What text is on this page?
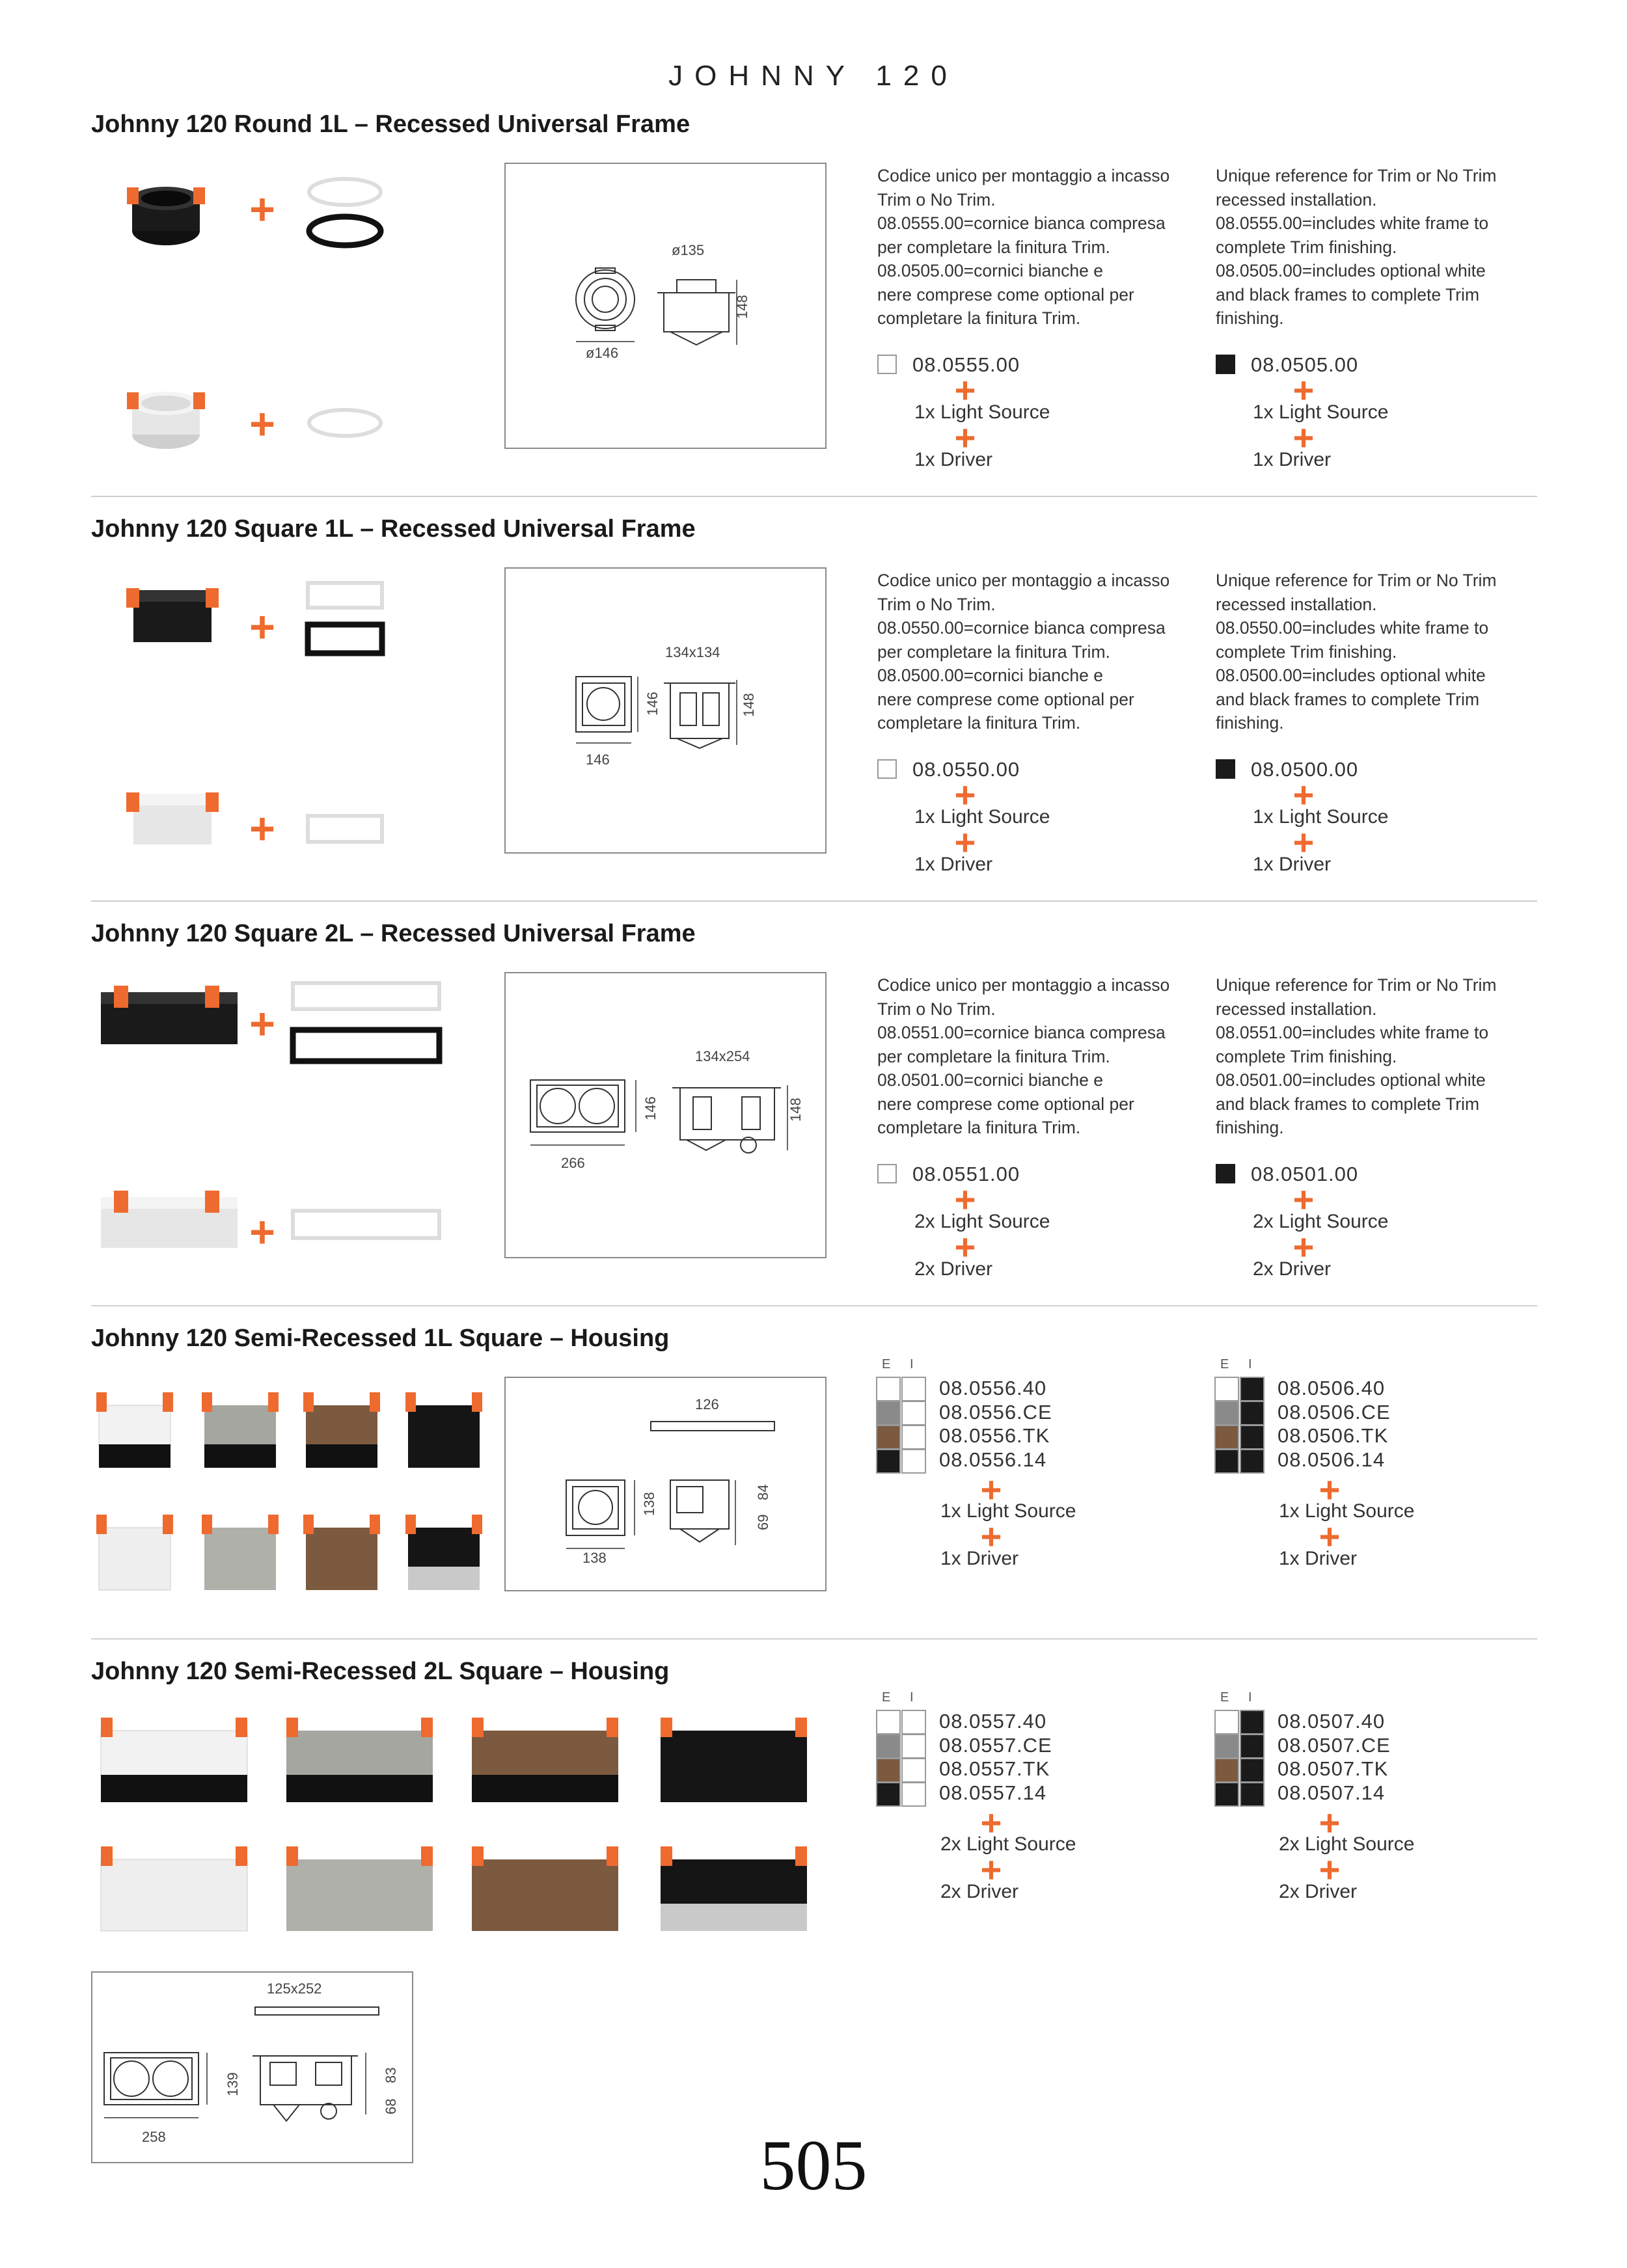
JOHNNY 120
Johnny 120 Round 1L – Recessed Universal Frame
+
+
ø135
ø146
148
Codice unico per montaggio a incasso
Trim o No Trim.
08.0555.00=cornice bianca compresa
per completare la finitura Trim.
08.0505.00=cornici bianche e
nere comprese come optional per
completare la finitura Trim.
Unique reference for Trim or No Trim
recessed installation.
08.0555.00=includes white frame to
complete Trim finishing.
08.0505.00=includes optional white
and black frames to complete Trim
finishing.
08.0555.00
+
1x Light Source
+
1x Driver
08.0505.00
+
1x Light Source
+
1x Driver
Johnny 120 Square 1L – Recessed Universal Frame
+
+
134x134
146
146	148
Codice unico per montaggio a incasso
Trim o No Trim.
08.0550.00=cornice bianca compresa
per completare la finitura Trim.
08.0500.00=cornici bianche e
nere comprese come optional per
completare la finitura Trim.
Unique reference for Trim or No Trim
recessed installation.
08.0550.00=includes white frame to
complete Trim finishing.
08.0500.00=includes optional white
and black frames to complete Trim
finishing.
08.0550.00
+
1x Light Source
+
1x Driver
08.0500.00
+
1x Light Source
+
1x Driver
Johnny 120 Square 2L – Recessed Universal Frame
+
+
134x254
266
146	148
Codice unico per montaggio a incasso
Trim o No Trim.
08.0551.00=cornice bianca compresa
per completare la finitura Trim.
08.0501.00=cornici bianche e
nere comprese come optional per
completare la finitura Trim.
Unique reference for Trim or No Trim
recessed installation.
08.0551.00=includes white frame to
complete Trim finishing.
08.0501.00=includes optional white
and black frames to complete Trim
finishing.
08.0551.00
+
2x Light Source
+
2x Driver
08.0501.00
+
2x Light Source
+
2x Driver
Johnny 120 Semi-Recessed 1L Square – Housing
126
138
138	84
69
E I
08.0556.40
08.0556.CE
08.0556.TK
08.0556.14
+
1x Light Source
+
1x Driver
E I
08.0506.40
08.0506.CE
08.0506.TK
08.0506.14
+
1x Light Source
+
1x Driver
Johnny 120 Semi-Recessed 2L Square – Housing
E I
08.0557.40
08.0557.CE
08.0557.TK
08.0557.14
+
2x Light Source
+
2x Driver
E I
08.0507.40
08.0507.CE
08.0507.TK
08.0507.14
+
2x Light Source
+
2x Driver
125x252
258
139	83
68
505
